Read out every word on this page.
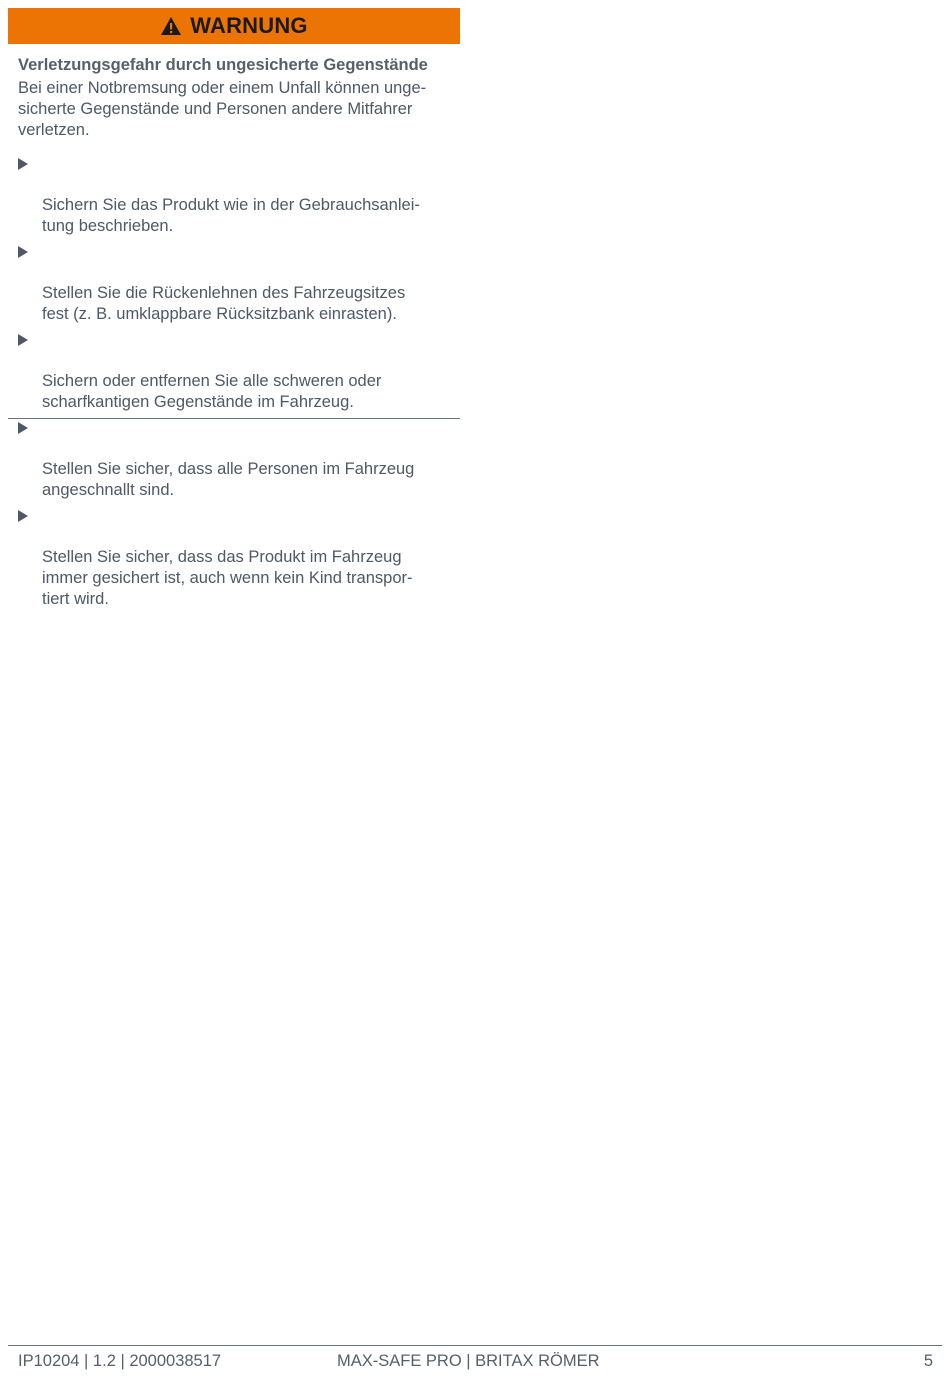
WARNUNG
Verletzungsgefahr durch ungesicherte Gegenstände
Bei einer Notbremsung oder einem Unfall können unge-
sicherte Gegenstände und Personen andere Mitfahrer
verletzen.

Sichern Sie das Produkt wie in der Gebrauchsanlei-
tung beschrieben.

Stellen Sie die Rückenlehnen des Fahrzeugsitzes
fest (z. B. umklappbare Rücksitzbank einrasten).

Sichern oder entfernen Sie alle schweren oder
scharfkantigen Gegenstände im Fahrzeug.

Stellen Sie sicher, dass alle Personen im Fahrzeug
angeschnallt sind.

Stellen Sie sicher, dass das Produkt im Fahrzeug
immer gesichert ist, auch wenn kein Kind transpor-
tiert wird.

IP10204 | 1.2 | 2000038517	MAX-SAFE PRO | BRITAX RÖMER	5
